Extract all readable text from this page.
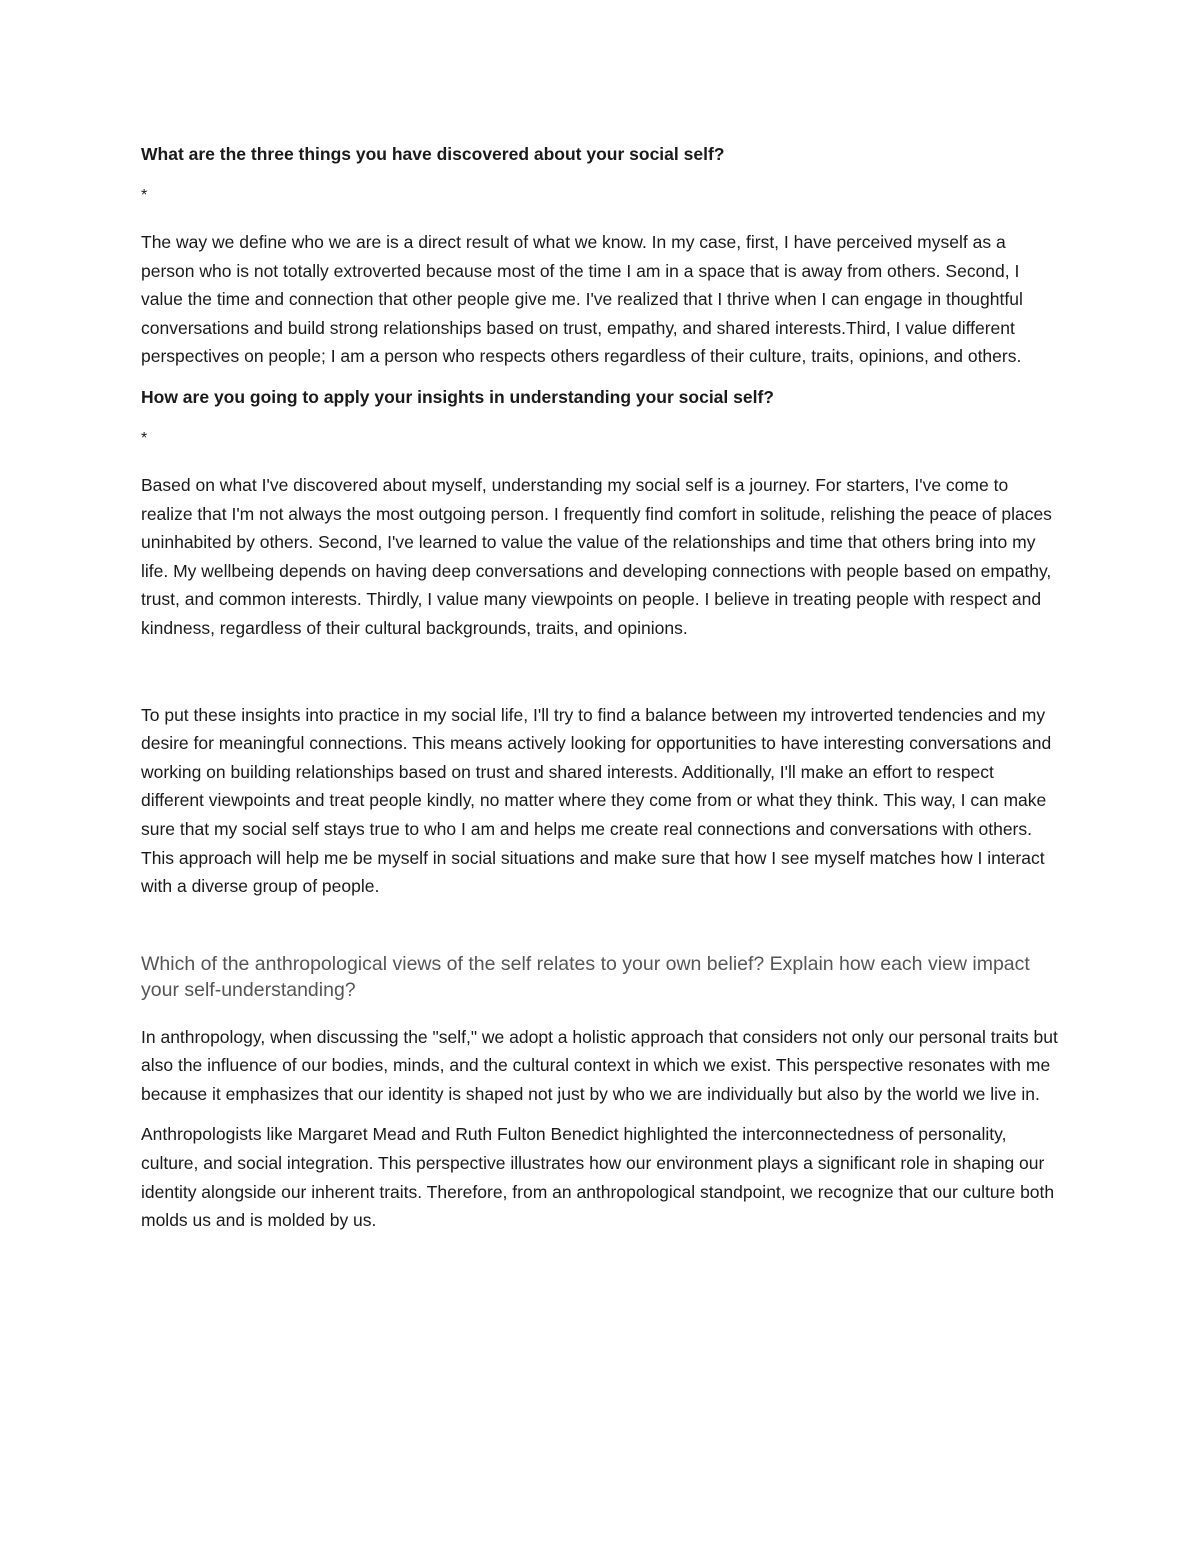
What are the three things you have discovered about your social self?

*

The way we define who we are is a direct result of what we know. In my case, first, I have perceived myself as a person who is not totally extroverted because most of the time I am in a space that is away from others. Second, I value the time and connection that other people give me. I've realized that I thrive when I can engage in thoughtful conversations and build strong relationships based on trust, empathy, and shared interests.Third, I value different perspectives on people; I am a person who respects others regardless of their culture, traits, opinions, and others.

How are you going to apply your insights in understanding your social self?

*

Based on what I've discovered about myself, understanding my social self is a journey. For starters, I've come to realize that I'm not always the most outgoing person. I frequently find comfort in solitude, relishing the peace of places uninhabited by others. Second, I've learned to value the value of the relationships and time that others bring into my life. My wellbeing depends on having deep conversations and developing connections with people based on empathy, trust, and common interests. Thirdly, I value many viewpoints on people. I believe in treating people with respect and kindness, regardless of their cultural backgrounds, traits, and opinions.

To put these insights into practice in my social life, I'll try to find a balance between my introverted tendencies and my desire for meaningful connections. This means actively looking for opportunities to have interesting conversations and working on building relationships based on trust and shared interests. Additionally, I'll make an effort to respect different viewpoints and treat people kindly, no matter where they come from or what they think. This way, I can make sure that my social self stays true to who I am and helps me create real connections and conversations with others. This approach will help me be myself in social situations and make sure that how I see myself matches how I interact with a diverse group of people.

Which of the anthropological views of the self relates to your own belief? Explain how each view impact your self-understanding?

In anthropology, when discussing the "self," we adopt a holistic approach that considers not only our personal traits but also the influence of our bodies, minds, and the cultural context in which we exist. This perspective resonates with me because it emphasizes that our identity is shaped not just by who we are individually but also by the world we live in.

Anthropologists like Margaret Mead and Ruth Fulton Benedict highlighted the interconnectedness of personality, culture, and social integration. This perspective illustrates how our environment plays a significant role in shaping our identity alongside our inherent traits. Therefore, from an anthropological standpoint, we recognize that our culture both molds us and is molded by us.
